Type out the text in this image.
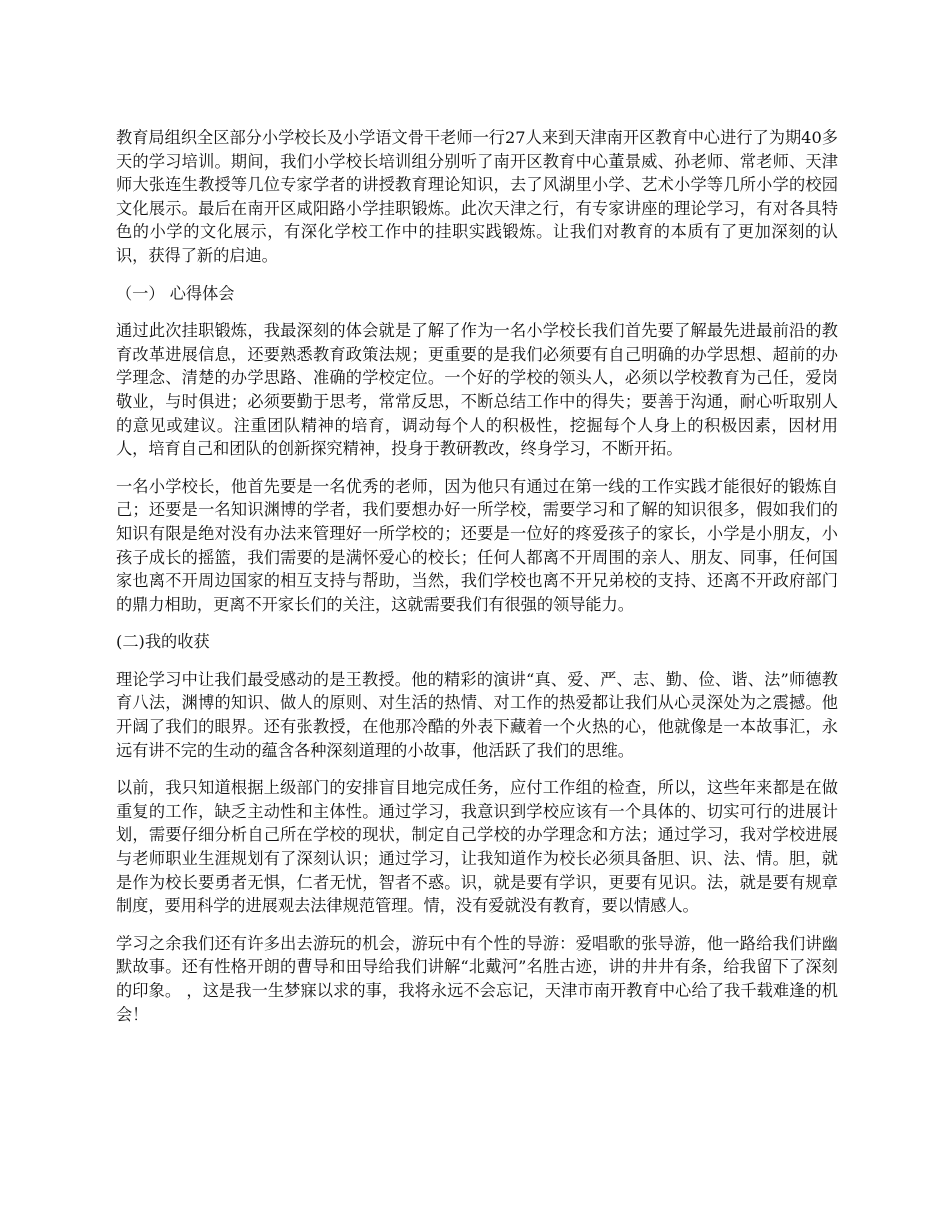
教育局组织全区部分小学校长及小学语文骨干老师一行27人来到天津南开区教育中心进行了为期40多天的学习培训。期间，我们小学校长培训组分别听了南开区教育中心董景威、孙老师、常老师、天津师大张连生教授等几位专家学者的讲授教育理论知识，去了风湖里小学、艺术小学等几所小学的校园文化展示。最后在南开区咸阳路小学挂职锻炼。此次天津之行，有专家讲座的理论学习，有对各具特色的小学的文化展示，有深化学校工作中的挂职实践锻炼。让我们对教育的本质有了更加深刻的认识，获得了新的启迪。

（一） 心得体会

通过此次挂职锻炼，我最深刻的体会就是了解了作为一名小学校长我们首先要了解最先进最前沿的教育改革进展信息，还要熟悉教育政策法规；更重要的是我们必须要有自己明确的办学思想、超前的办学理念、清楚的办学思路、准确的学校定位。一个好的学校的领头人，必须以学校教育为己任，爱岗敬业，与时俱进；必须要勤于思考，常常反思，不断总结工作中的得失；要善于沟通，耐心听取别人的意见或建议。注重团队精神的培育，调动每个人的积极性，挖掘每个人身上的积极因素，因材用人，培育自己和团队的创新探究精神，投身于教研教改，终身学习，不断开拓。

一名小学校长，他首先要是一名优秀的老师，因为他只有通过在第一线的工作实践才能很好的锻炼自己；还要是一名知识渊博的学者，我们要想办好一所学校，需要学习和了解的知识很多，假如我们的知识有限是绝对没有办法来管理好一所学校的；还要是一位好的疼爱孩子的家长，小学是小朋友，小孩子成长的摇篮，我们需要的是满怀爱心的校长；任何人都离不开周围的亲人、朋友、同事，任何国家也离不开周边国家的相互支持与帮助，当然，我们学校也离不开兄弟校的支持、还离不开政府部门的鼎力相助，更离不开家长们的关注，这就需要我们有很强的领导能力。

(二)我的收获

理论学习中让我们最受感动的是王教授。他的精彩的演讲“真、爱、严、志、勤、俭、谐、法”师德教育八法，渊博的知识、做人的原则、对生活的热情、对工作的热爱都让我们从心灵深处为之震撼。他开阔了我们的眼界。还有张教授，在他那冷酷的外表下藏着一个火热的心，他就像是一本故事汇，永远有讲不完的生动的蕴含各种深刻道理的小故事，他活跃了我们的思维。

以前，我只知道根据上级部门的安排盲目地完成任务，应付工作组的检查，所以，这些年来都是在做重复的工作，缺乏主动性和主体性。通过学习，我意识到学校应该有一个具体的、切实可行的进展计划，需要仔细分析自己所在学校的现状，制定自己学校的办学理念和方法；通过学习，我对学校进展与老师职业生涯规划有了深刻认识；通过学习，让我知道作为校长必须具备胆、识、法、情。胆，就是作为校长要勇者无惧，仁者无忧，智者不惑。识，就是要有学识，更要有见识。法，就是要有规章制度，要用科学的进展观去法律规范管理。情，没有爱就没有教育，要以情感人。

学习之余我们还有许多出去游玩的机会，游玩中有个性的导游：爱唱歌的张导游，他一路给我们讲幽默故事。还有性格开朗的曹导和田导给我们讲解“北戴河”名胜古迹，讲的井井有条，给我留下了深刻的印象。 ，这是我一生梦寐以求的事，我将永远不会忘记，天津市南开教育中心给了我千载难逢的机会！
